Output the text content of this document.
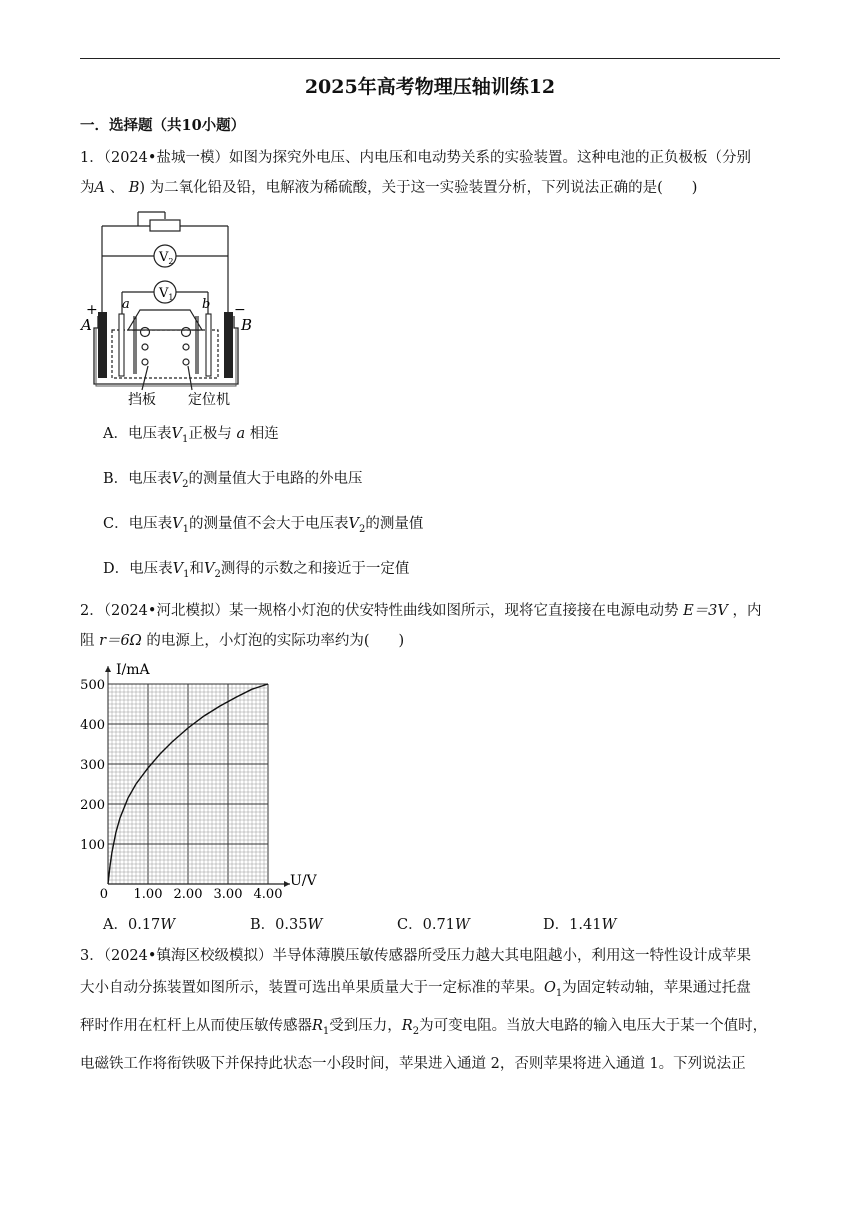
2025年高考物理压轴训练12
一．选择题（共10小题）

1．（2024•盐城一模）如图为探究外电压、内电压和电动势关系的实验装置。这种电池的正负极板（分别
为A 、 B) 为二氧化铅及铅，电解液为稀硫酸，关于这一实验装置分析，下列说法正确的是(　　)

$V_2$
$V_1$
+	−
A	B
a	b
挡板 定位机
A．电压表$V_1$正极与 a 相连
B．电压表$V_2$的测量值大于电路的外电压
C．电压表$V_1$的测量值不会大于电压表$V_2$的测量值
D．电压表$V_1$和$V_2$测得的示数之和接近于一定值

2．（2024•河北模拟）某一规格小灯泡的伏安特性曲线如图所示，现将它直接接在电源电动势 E＝3V ，内
阻 r＝6Ω 的电源上，小灯泡的实际功率约为(　　)

0 1.00 2.00 3.00 4.00
100
200
300
400
500
I/mA
U/V
A．0.17W	B．0.35W	C．0.71W	D．1.41W

3．（2024•镇海区校级模拟）半导体薄膜压敏传感器所受压力越大其电阻越小，利用这一特性设计成苹果
大小自动分拣装置如图所示，装置可选出单果质量大于一定标准的苹果。$O_1$为固定转动轴，苹果通过托盘
秤时作用在杠杆上从而使压敏传感器$R_1$受到压力，$R_2$为可变电阻。当放大电路的输入电压大于某一个值时，
电磁铁工作将衔铁吸下并保持此状态一小段时间，苹果进入通道 2，否则苹果将进入通道 1。下列说法正
